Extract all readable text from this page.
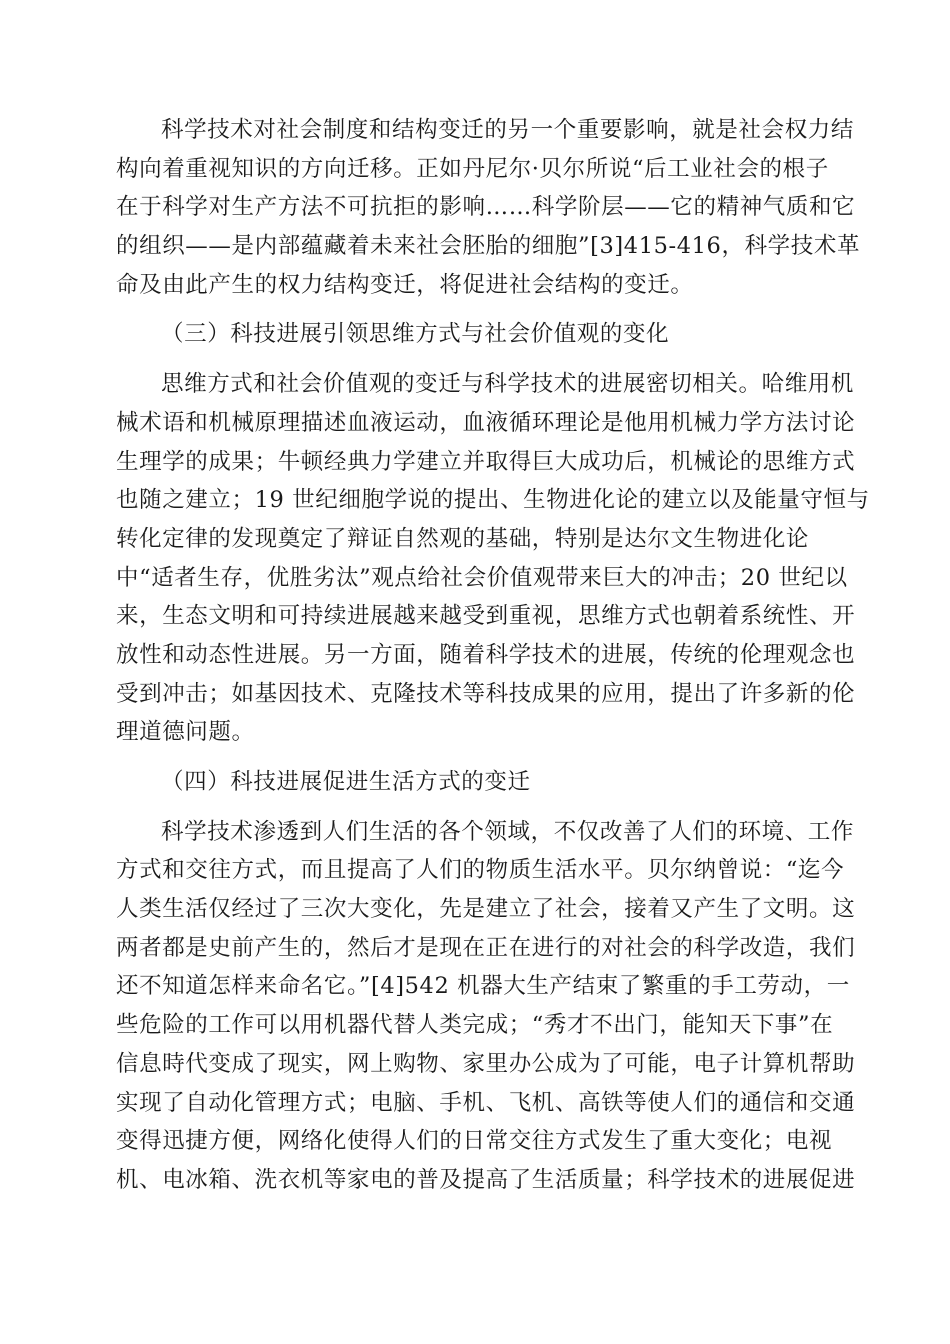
科学技术对社会制度和结构变迁的另一个重要影响，就是社会权力结
构向着重视知识的方向迁移。正如丹尼尔·贝尔所说“后工业社会的根子
在于科学对生产方法不可抗拒的影响……科学阶层——它的精神气质和它
的组织——是内部蕴藏着未来社会胚胎的细胞”[3]415-416，科学技术革
命及由此产生的权力结构变迁，将促进社会结构的变迁。
（三）科技进展引领思维方式与社会价值观的变化
思维方式和社会价值观的变迁与科学技术的进展密切相关。哈维用机
械术语和机械原理描述血液运动，血液循环理论是他用机械力学方法讨论
生理学的成果；牛顿经典力学建立并取得巨大成功后，机械论的思维方式
也随之建立；19 世纪细胞学说的提出、生物进化论的建立以及能量守恒与
转化定律的发现奠定了辩证自然观的基础，特别是达尔文生物进化论
中“适者生存，优胜劣汰”观点给社会价值观带来巨大的冲击；20 世纪以
来，生态文明和可持续进展越来越受到重视，思维方式也朝着系统性、开
放性和动态性进展。另一方面，随着科学技术的进展，传统的伦理观念也
受到冲击；如基因技术、克隆技术等科技成果的应用，提出了许多新的伦
理道德问题。
（四）科技进展促进生活方式的变迁
科学技术渗透到人们生活的各个领域，不仅改善了人们的环境、工作
方式和交往方式，而且提高了人们的物质生活水平。贝尔纳曾说：“迄今
人类生活仅经过了三次大变化，先是建立了社会，接着又产生了文明。这
两者都是史前产生的，然后才是现在正在进行的对社会的科学改造，我们
还不知道怎样来命名它。”[4]542 机器大生产结束了繁重的手工劳动，一
些危险的工作可以用机器代替人类完成；“秀才不出门，能知天下事”在
信息時代变成了现实，网上购物、家里办公成为了可能，电子计算机帮助
实现了自动化管理方式；电脑、手机、飞机、高铁等使人们的通信和交通
变得迅捷方便，网络化使得人们的日常交往方式发生了重大变化；电视
机、电冰箱、洗衣机等家电的普及提高了生活质量；科学技术的进展促进
